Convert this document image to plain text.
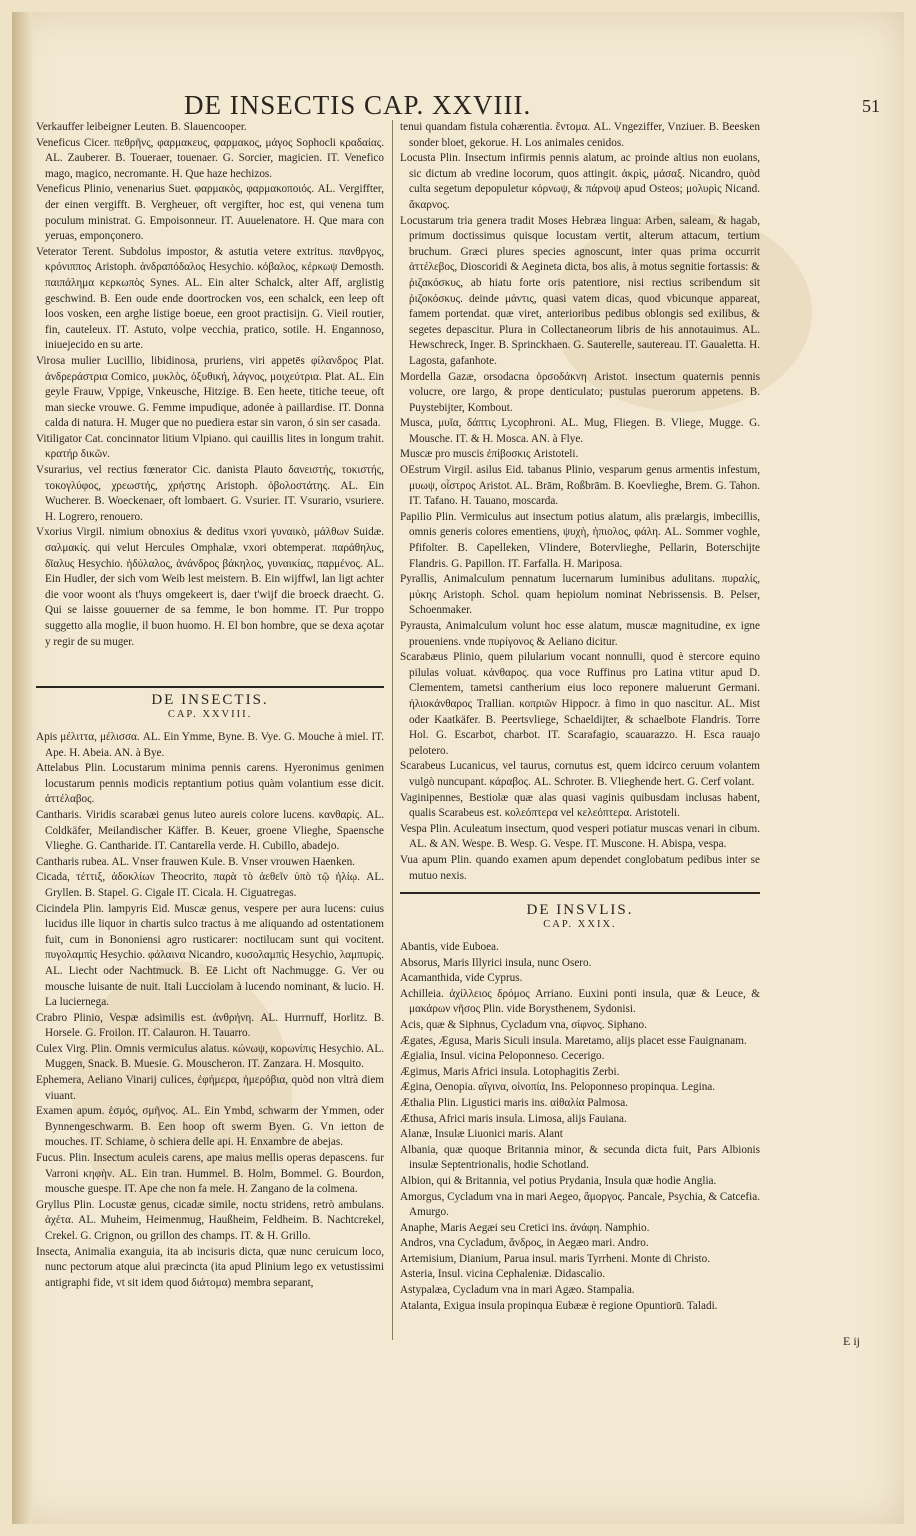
DE INSECTIS CAP. XXVIII.	51

Verkauffer leibeigner Leuten. B. Slauencooper.

Veneficus Cicer. πεθρῆνς, φαρμακευς, φαρμακος, μάγος Sophocli κραδαίας. AL. Zauberer. B. Touerаer, touenaer. G. Sorcier, magicien. IT. Venefico mago, magico, necromante. H. Que haze hechizos.

Veneficus Plinio, venenarius Suet. φαρμακὸς, φαρμακοποιός. AL. Vergiffter, der einen vergifft. B. Vergheuer, oft vergifter, hoc est, qui venena tum poculum ministrat. G. Empoisonneur. IT. Auuelenatore. H. Que mara con yeruas, emponçonero.

Veterator Terent. Subdolus impostor, & astutia vetere extritus. πανθργος, κρόνιππος Aristoph. ἀνδραπόδαλος Hesychio. κόβαλος, κέρκωψ Demosth. παιπάλημα κερκωπὸς Synes. AL. Ein alter Schalck, alter Aff, arglistig geschwind. B. Een oude ende doortrocken vos, een schalck, een leep oft loos vosken, een arghe listige boeue, een groot practisijn. G. Vieil routier, fin, cauteleux. IT. Astuto, volpe vecchia, pratico, sotile. H. Engannoso, iniuejecido en su arte.

Virosa mulier Lucillio, libidinosa, pruriens, viri appetēs φίλανδρος Plat. ἀνδρεράστρια Comico, μυκλὸς, ὀξυθική, λάγνος, μοιχεύτρια. Plat. AL. Ein geyle Frauw, Vppige, Vnkeusche, Hitzige. B. Een heete, titiche teeue, oft man siecke vrouwe. G. Femme impudique, adonée à paillardise. IT. Donna calda di natura. H. Muger que no puediera estar sin varon, ó sin ser casada.

Vitiligator Cat. concinnator litium Vlpiano. qui cauillis lites in longum trahit. κρατήρ δικῶν.

Vsurarius, vel rectius fœnerator Cic. danista Plauto δανειστής, τοκιστής, τοκογλύφος, χρεωστής, χρήστης Aristoph. ὀβολοστάτης. AL. Ein Wucherer. B. Woeckenaer, oft lombaert. G. Vsurier. IT. Vsurario, vsuriere. H. Logrero, renouero.

Vxorius Virgil. nimium obnoxius & deditus vxori γυναικὸ, μάλθων Suidæ. σαλμακίς. qui velut Hercules Omphalæ, vxori obtemperat. παράθηλυς, δῖαλυς Hesychio. ἡδύλαλος, ἀνάνδρος βάκηλος, γυναικίας, παρμένος. AL. Ein Hudler, der sich vom Weib lest meistern. B. Ein wijffwl, lan ligt achter die voor woont als t'huys omgekeert is, daer t'wijf die broeck draecht. G. Qui se laisse gouuerner de sa femme, le bon homme. IT. Pur troppo suggetto alla moglie, il buon huomo. H. El bon hombre, que se dexa açotar y regir de su muger.

DE INSECTIS.
CAP. XXVIII.

Apis μέλιττα, μέλισσα. AL. Ein Ymme, Byne. B. Vye. G. Mouche à miel. IT. Ape. H. Abeia. AN. à Bye.

Attelabus Plin. Locustarum minima pennis carens. Hyeronimus genimen locustarum pennis modicis reptantium potius quàm volantium esse dicit. ἀττέλαβος.

Cantharis. Viridis scarabæi genus luteo aureis colore lucens. κανθαρίς. AL. Coldkäfer, Meilandischer Käffer. B. Keuer, groene Vlieghe, Spaensche Vlieghe. G. Cantharide. IT. Cantarella verde. H. Cubillo, abadejo.

Cantharis rubea. AL. Vnser frauwen Kule. B. Vnser vrouwen Haenken.

Cicada, τέττιξ, ἀδοκλίων Theocrito, παρὰ τὸ ἀεθεῖν ὑπὸ τῷ ἡλίῳ. AL. Gryllen. B. Stapel. G. Cigale IT. Cicala. H. Ciguatregas.

Cicindela Plin. lampyris Eid. Muscæ genus, vespere per aura lucens: cuius lucidus ille liquor in chartis sulco tractus à me aliquando ad ostentationem fuit, cum in Bononiensi agro rusticarer: noctilucam sunt qui vocitent. πυγολαμπὶς Hesychio. φάλαινα Nicandro, κυσολαμπὶς Hesychio, λαμπυρίς. AL. Liecht oder Nachtmuck. B. Eē Licht oft Nachmugge. G. Ver ou mousche luisante de nuit. Itali Lucciolam à lucendo nominant, & lucio. H. La luciernega.

Crabro Plinio, Vespæ adsimilis est. ἀνθρήνη. AL. Hurrnuff, Horlitz. B. Horsele. G. Froilon. IT. Calauron. H. Tauarro.

Culex Virg. Plin. Omnis vermiculus alatus. κώνωψ, κορωνίπις Hesychio. AL. Muggen, Snack. B. Muesie. G. Mouscheron. IT. Zanzara. H. Mosquito.

Ephemera, Aeliano Vinarij culices, ἐφήμερα, ἡμερόβια, quòd non vltrà diem viuant.

Examen apum. ἑσμός, σμῆνος. AL. Ein Ymbd, schwarm der Ymmen, oder Bynnengeschwarm. B. Een hoop oft swerm Byen. G. Vn ietton de mouches. IT. Schiame, ò schiera delle api. H. Enxambre de abejas.

Fucus. Plin. Insectum aculeis carens, ape maius mellis operas depascens. fur Varroni κηφὴν. AL. Ein tran. Hummel. B. Holm, Bommel. G. Bourdon, mousche guespe. IT. Ape che non fa mele. H. Zangano de la colmena.

Gryllus Plin. Locustæ genus, cicadæ simile, noctu stridens, retrò ambulans. ἀχέτα. AL. Muheim, Heimenmug, Haußheim, Feldheim. B. Nachtcrekel, Crekel. G. Crignon, ou grillon des champs. IT. & H. Grillo.

Insecta, Animalia exanguia, ita ab incisuris dicta, quæ nunc ceruicum loco, nunc pectorum atque alui præcincta (ita apud Plinium lego ex vetustissimi antigraphi fide, vt sit idem quod διάτομα) membra separant,

tenui quandam fistula cohærentia. ἔντομα. AL. Vngeziffer, Vnziuer. B. Beesken sonder bloet, gekorue. H. Los animales cenidos.

Locusta Plin. Insectum infirmis pennis alatum, ac proinde altius non euolans, sic dictum ab vredine locorum, quos attingit. ἀκρὶς, μάσαξ. Nicandro, quòd culta segetum depopuletur κόρνωψ, & πάρνοψ apud Osteos; μολυρὶς Nicand. ἄκαρνος.

Locustarum tria genera tradit Moses Hebræa lingua: Arben, saleam, & hagab, primum doctissimus quisque locustam vertit, alterum attacum, tertium bruchum. Græci plures species agnoscunt, inter quas prima occurrit ἀττέλεβος, Dioscoridi & Aegineta dicta, bos alis, à motus segnitie fortassis: & ῥιζακόσκυς, ab hiatu forte oris patentiore, nisi rectius scribendum sit ῥιζοκόσκυς. deinde μάντις, quasi vatem dicas, quod vbicunque appareat, famem portendat. quæ viret, anterioribus pedibus oblongis sed exilibus, & segetes depascitur. Plura in Collectaneorum libris de his annotauimus. AL. Hewschreck, Inger. B. Sprinckhaen. G. Sauterelle, sautereau. IT. Gaualetta. H. Lagosta, gafanhote.

Mordella Gazæ, orsodacna ὀρσοδάκνη Aristot. insectum quaternis pennis volucre, ore largo, & prope denticulato; pustulas puerorum appetens. B. Puystebijter, Kombout.

Musca, μυῖα, δάπτις Lycophroni. AL. Mug, Fliegen. B. Vliege, Mugge. G. Mousche. IT. & H. Mosca. AN. à Flye.

Muscæ pro muscis ἐπίβοσκις Aristoteli.

OEstrum Virgil. asilus Eid. tabanus Plinio, vesparum genus armentis infestum, μυωψ, οἶστρος Aristot. AL. Brām, Roßbrām. B. Koevlieghe, Brem. G. Tahon. IT. Tafano. H. Tauano, moscarda.

Papilio Plin. Vermiculus aut insectum potius alatum, alis prælargis, imbecillis, omnis generis colores ementiens, ψυχὴ, ἠπιολος, φάλη. AL. Sommer voghle, Pfifolter. B. Capelleken, Vlindere, Botervlieghe, Pellarin, Boterschijte Flandris. G. Papillon. IT. Farfalla. H. Mariposa.

Pyrallis, Animalculum pennatum lucernarum luminibus adulitans. πυραλίς, μύκης Aristoph. Schol. quam hepiolum nominat Nebrissensis. B. Pelser, Schoenmaker.

Pyrausta, Animalculum volunt hoc esse alatum, muscæ magnitudine, ex igne proueniens. vnde πυρίγονος & Aeliano dicitur.

Scarabæus Plinio, quem pilularium vocant nonnulli, quod è stercore equino pilulas voluat. κάνθαρος. qua voce Ruffinus pro Latina vtitur apud D. Clementem, tametsi cantherium eius loco reponere maluerunt Germani. ἠλιοκάνθαρος Trallian. κοπριῶν Hippocr. à fimo in quo nascitur. AL. Mist oder Kaatkäfer. B. Peertsvliege, Schaeldijter, & schaelbote Flandris. Torre Hol. G. Escarbot, charbot. IT. Scarafagio, scauarazzo. H. Esca rauajo pelotero.

Scarabeus Lucanicus, vel taurus, cornutus est, quem idcirco ceruum volantem vulgò nuncupant. κάραβος. AL. Schroter. B. Vlieghende hert. G. Cerf volant.

Vaginipennes, Bestiolæ quæ alas quasi vaginis quibusdam inclusas habent, qualis Scarabeus est. κολεόπτερα vel κελεόπτερα. Aristoteli.

Vespa Plin. Aculeatum insectum, quod vesperi potiatur muscas venari in cibum. AL. & AN. Wespe. B. Wesp. G. Vespe. IT. Muscone. H. Abispa, vespa.

Vua apum Plin. quando examen apum dependet conglobatum pedibus inter se mutuo nexis.

DE INSVLIS.
CAP. XXIX.

Abantis, vide Euboea.

Absorus, Maris Illyrici insula, nunc Osero.

Acamanthida, vide Cyprus.

Achilleia. ἀχίλλειος δρόμος Arriano. Euxini ponti insula, quæ & Leuce, & μακάρων νῆσος Plin. vide Borysthenem, Sydonisi.

Acis, quæ & Siphnus, Cycladum vna, σίφνος. Siphano.

Ægates, Ægusa, Maris Siculi insula. Maretamo, alijs placet esse Fauignanam.

Ægialia, Insul. vicina Peloponneso. Cecerigo.

Ægimus, Maris Africi insula. Lotophagitis Zerbi.

Ægina, Oenopia. αἴγινα, οἰνοπία, Ins. Peloponneso propinqua. Legina.

Æthalia Plin. Ligustici maris ins. αἰθαλία Palmosa.

Æthusa, Africi maris insula. Limosa, alijs Fauiana.

Alanæ, Insulæ Liuonici maris. Alant

Albania, quæ quoque Britannia minor, & secunda dicta fuit, Pars Albionis insulæ Septentrionalis, hodie Schotland.

Albion, qui & Britannia, vel potius Prydania, Insula quæ hodie Anglia.

Amorgus, Cycladum vna in mari Aegeo, ἄμοργος. Pancale, Psychia, & Catcefia. Amurgo.

Anaphe, Maris Aegæi seu Cretici ins. ἀνάφη. Namphio.

Andros, vna Cycladum, ἄνδρος, in Aegæo mari. Andro.

Artemisium, Dianium, Parua insul. maris Tyrrheni. Monte di Christo.

Asteria, Insul. vicina Cephaleniæ. Didascalio.

Astypalæa, Cycladum vna in mari Agæo. Stampalia.

Atalanta, Exigua insula propinqua Eubææ è regione Opuntiorū. Taladi.

E ij
